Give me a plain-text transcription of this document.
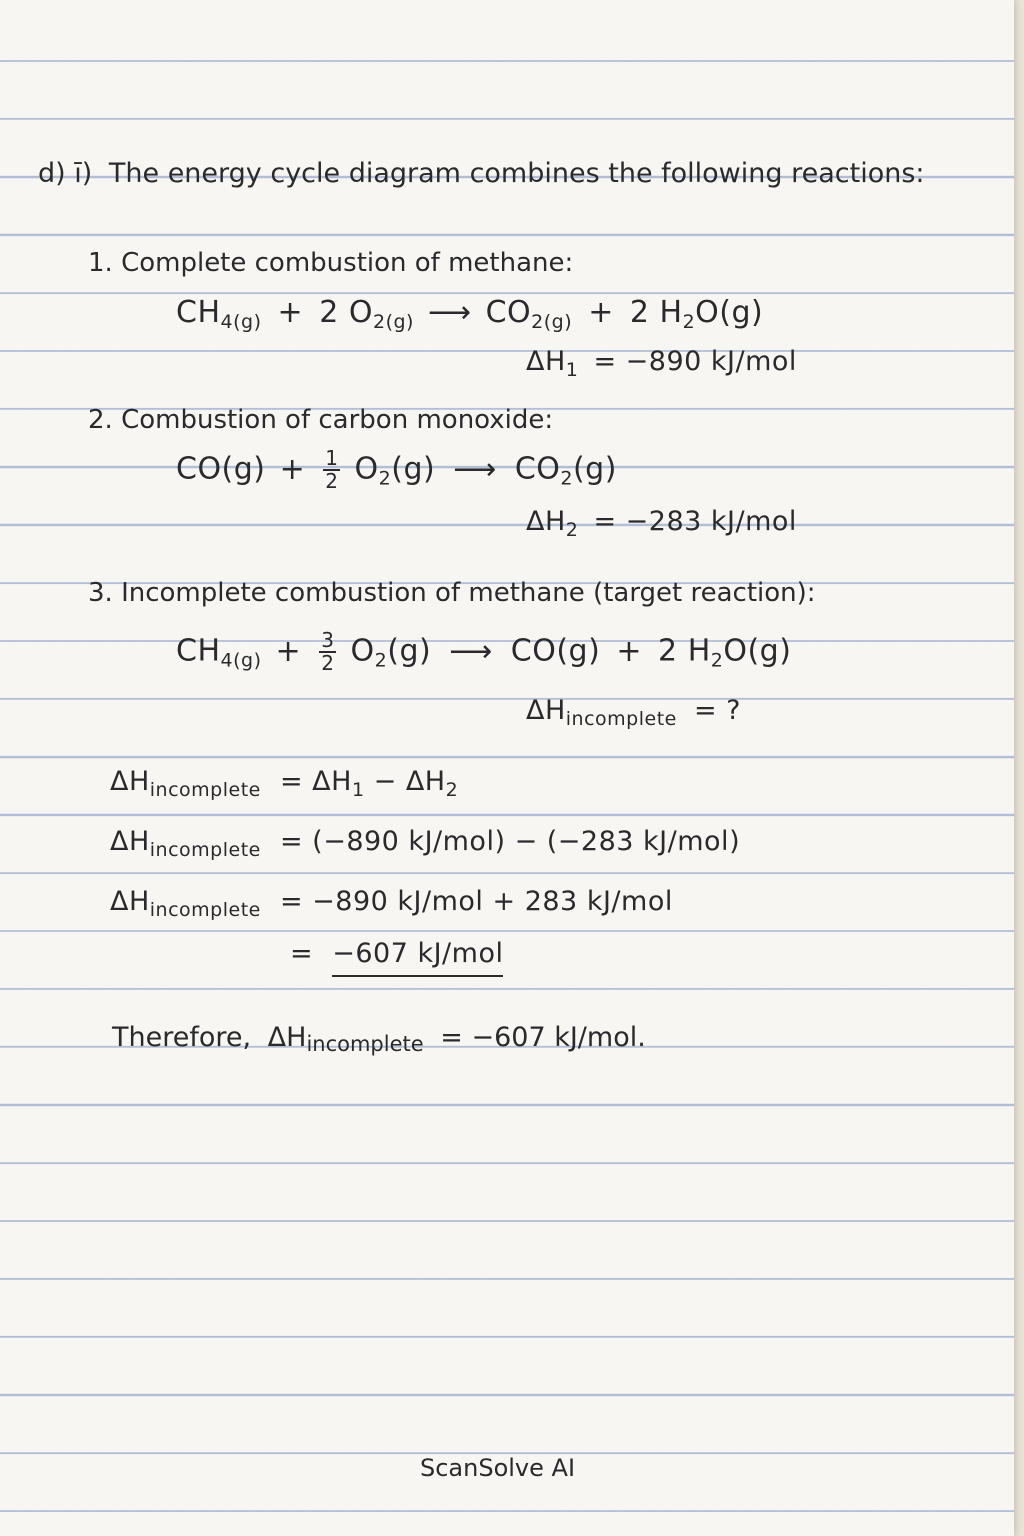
d) ī) The energy cycle diagram combines the following reactions:
1. Complete combustion of methane:
$CH_{4(g)} + 2$ $O_{2(g)}$ ⟶ $CO_{2(g)} + 2$ $H_2O(g)$
$\Delta H_1 = -890$ kJ/mol
2. Combustion of carbon monoxide:
$CO(g) + \frac{1}{2} O_2(g)$ ⟶ $CO_2(g)$
$\Delta H_2 = -283$ kJ/mol
3. Incomplete combustion of methane (target reaction):
$CH_{4(g)} + \frac{3}{2} O_2(g)$ ⟶ CO(g) + 2 $H_2O(g)$
$\Delta H_{incomplete}$ = ?
$\Delta H_{incomplete} = \Delta H_1 - \Delta H_2$
$\Delta H_{incomplete} = (-890$ kJ/mol) − (−283 kJ/mol)
$\Delta H_{incomplete} = -890$ kJ/mol + 283 kJ/mol
= −607 kJ/mol
Therefore, $\Delta H_{incomplete} = -607$ kJ/mol.
ScanSolve AI
